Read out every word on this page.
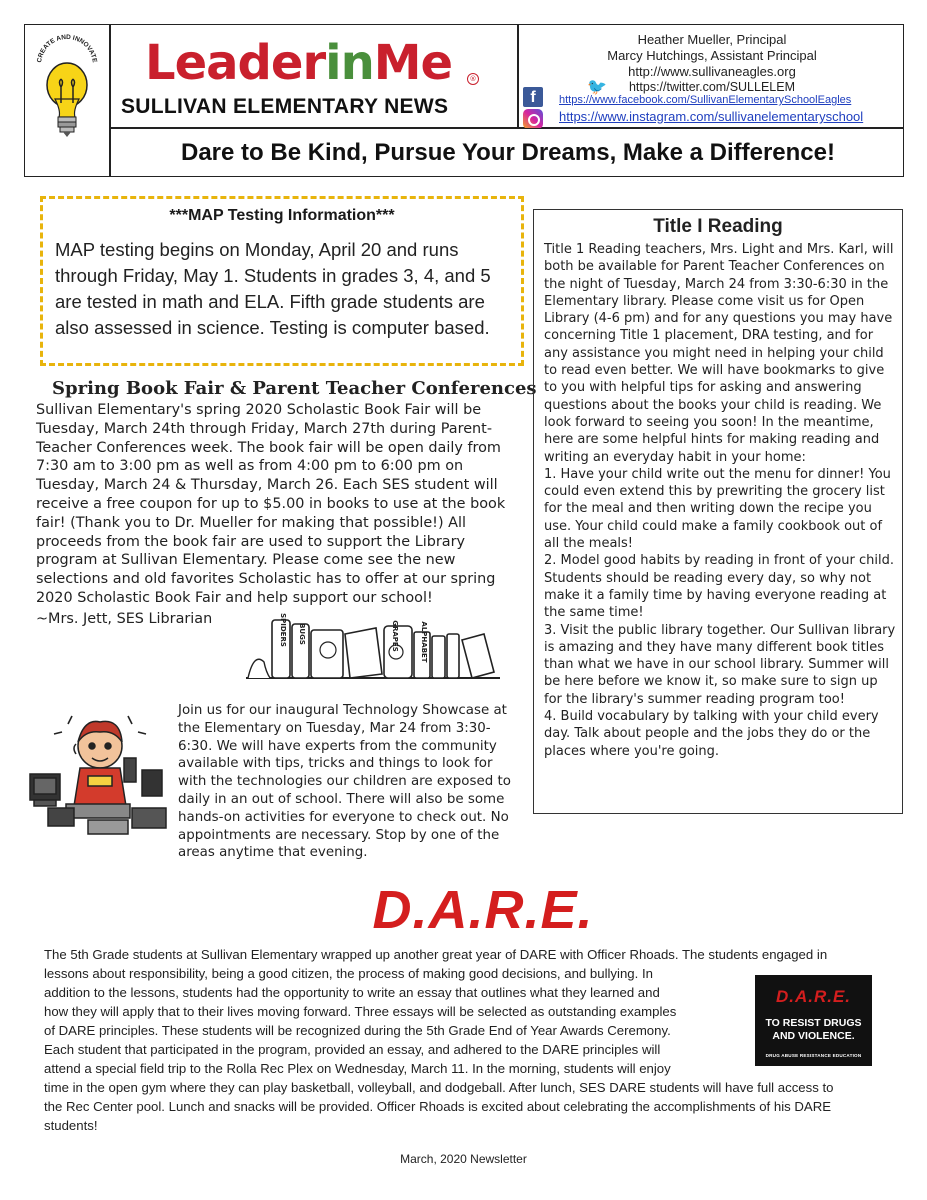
CREATE AND INNOVATE LeaderinMe	®
SULLIVAN ELEMENTARY NEWS
Heather Mueller, Principal
Marcy Hutchings, Assistant Principal
http://www.sullivaneagles.org
🐦	https://twitter.com/SULLELEM
f	https://www.facebook.com/SullivanElementarySchoolEagles
https://www.instagram.com/sullivanelementaryschool
Dare to Be Kind, Pursue Your Dreams, Make a Difference!
***MAP Testing Information***
MAP testing begins on Monday, April 20 and runs through Friday, May 1. Students in grades 3, 4, and 5 are tested in math and ELA. Fifth grade students are also assessed in science. Testing is computer based.
Spring Book Fair & Parent Teacher Conferences
Sullivan Elementary's spring 2020 Scholastic Book Fair will be Tuesday, March 24th through Friday, March 27th during Parent-Teacher Conferences week. The book fair will be open daily from 7:30 am to 3:00 pm as well as from 4:00 pm to 6:00 pm on Tuesday, March 24 & Thursday, March 26. Each SES student will receive a free coupon for up to $5.00 in books to use at the book fair! (Thank you to Dr. Mueller for making that possible!) All proceeds from the book fair are used to support the Library program at Sullivan Elementary. Please come see the new selections and old favorites Scholastic has to offer at our spring 2020 Scholastic Book Fair and help support our school!
~Mrs. Jett, SES Librarian	SPIDERS BUGS	GRAPES	ALPHABET
Join us for our inaugural Technology Showcase at the Elementary on Tuesday, Mar 24 from 3:30-6:30. We will have experts from the community available with tips, tricks and things to look for with the technologies our children are exposed to daily in an out of school. There will also be some hands-on activities for everyone to check out. No appointments are necessary. Stop by one of the areas anytime that evening.
Title I Reading

Title 1 Reading teachers, Mrs. Light and Mrs. Karl, will both be available for Parent Teacher Conferences on the night of Tuesday, March 24 from 3:30-6:30 in the Elementary library. Please come visit us for Open Library (4-6 pm) and for any questions you may have concerning Title 1 placement, DRA testing, and for any assistance you might need in helping your child to read even better. We will have bookmarks to give to you with helpful tips for asking and answering questions about the books your child is reading. We look forward to seeing you soon! In the meantime, here are some helpful hints for making reading and writing an everyday habit in your home:

1. Have your child write out the menu for dinner! You could even extend this by prewriting the grocery list for the meal and then writing down the recipe you use. Your child could make a family cookbook out of all the meals!

2. Model good habits by reading in front of your child. Students should be reading every day, so why not make it a family time by having everyone reading at the same time!

3. Visit the public library together. Our Sullivan library is amazing and they have many different book titles than what we have in our school library. Summer will be here before we know it, so make sure to sign up for the library's summer reading program too!

4. Build vocabulary by talking with your child every day. Talk about people and the jobs they do or the places where you're going.

D.A.R.E.
The 5th Grade students at Sullivan Elementary wrapped up another great year of DARE with Officer Rhoads. The students engaged in
lessons about responsibility, being a good citizen, the process of making good decisions, and bullying. In
addition to the lessons, students had the opportunity to write an essay that outlines what they learned and
how they will apply that to their lives moving forward. Three essays will be selected as outstanding examples
of DARE principles. These students will be recognized during the 5th Grade End of Year Awards Ceremony.
Each student that participated in the program, provided an essay, and adhered to the DARE principles will
attend a special field trip to the Rolla Rec Plex on Wednesday, March 11. In the morning, students will enjoy
time in the open gym where they can play basketball, volleyball, and dodgeball. After lunch, SES DARE students will have full access to
the Rec Center pool. Lunch and snacks will be provided. Officer Rhoads is excited about celebrating the accomplishments of his DARE
students!
D.A.R.E.
TO RESIST DRUGS
AND VIOLENCE.
DRUG ABUSE RESISTANCE EDUCATION
March, 2020 Newsletter
